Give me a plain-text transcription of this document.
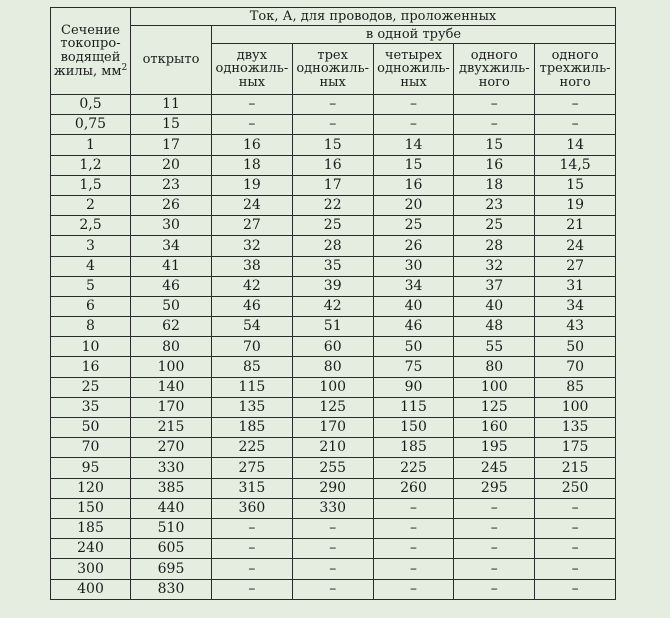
Сечение токопро-водящей жилы, $мм^2$	Ток, А, для проводов, проложенных					
	открыто	в одной трубе				
		двух одножиль-ных	трех одножиль-ных	четырех одножиль-ных	одного двухжиль-ного	одного трехжиль-ного
0,5	11	–	–	–	–	–
0,75	15	–	–	–	–	–
1	17	16	15	14	15	14
1,2	20	18	16	15	16	14,5
1,5	23	19	17	16	18	15
2	26	24	22	20	23	19
2,5	30	27	25	25	25	21
3	34	32	28	26	28	24
4	41	38	35	30	32	27
5	46	42	39	34	37	31
6	50	46	42	40	40	34
8	62	54	51	46	48	43
10	80	70	60	50	55	50
16	100	85	80	75	80	70
25	140	115	100	90	100	85
35	170	135	125	115	125	100
50	215	185	170	150	160	135
70	270	225	210	185	195	175
95	330	275	255	225	245	215
120	385	315	290	260	295	250
150	440	360	330	–	–	–
185	510	–	–	–	–	–
240	605	–	–	–	–	–
300	695	–	–	–	–	–
400	830	–	–	–	–	–
